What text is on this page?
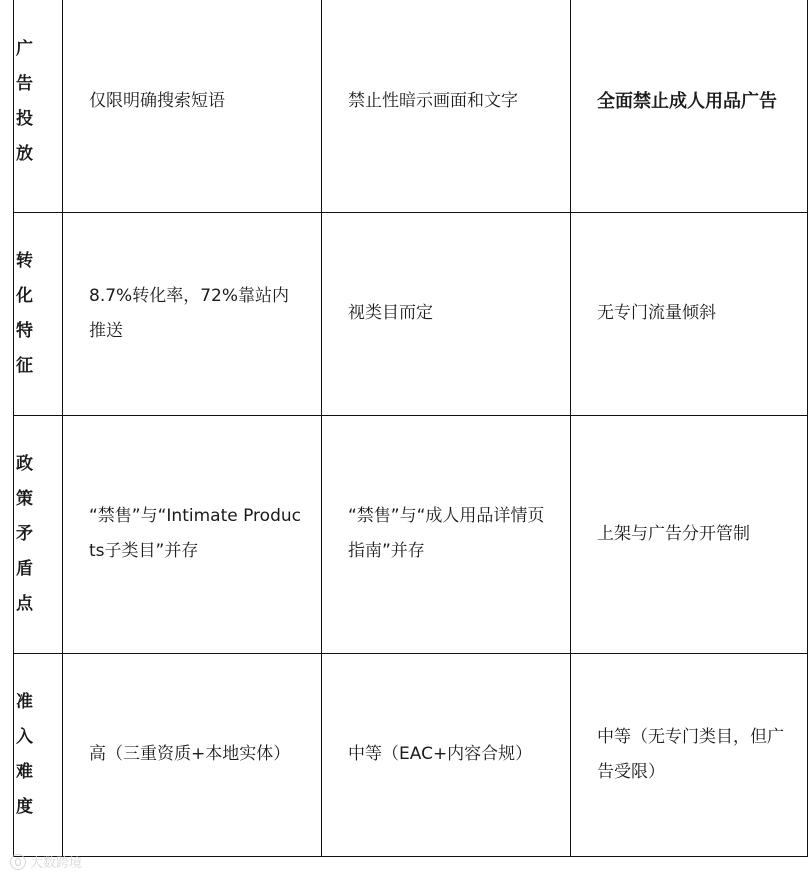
广告投放	仅限明确搜索短语	禁止性暗示画面和文字	全面禁止成人用品广告

转化特征	8.7%转化率，72%靠站内推送	视类目而定	无专门流量倾斜

政策矛盾点	“禁售”与“Intimate Products子类目”并存	“禁售”与“成人用品详情页指南”并存	上架与广告分开管制

准入难度	高（三重资质+本地实体）	中等（EAC+内容合规）	中等（无专门类目，但广告受限）
大数跨境
